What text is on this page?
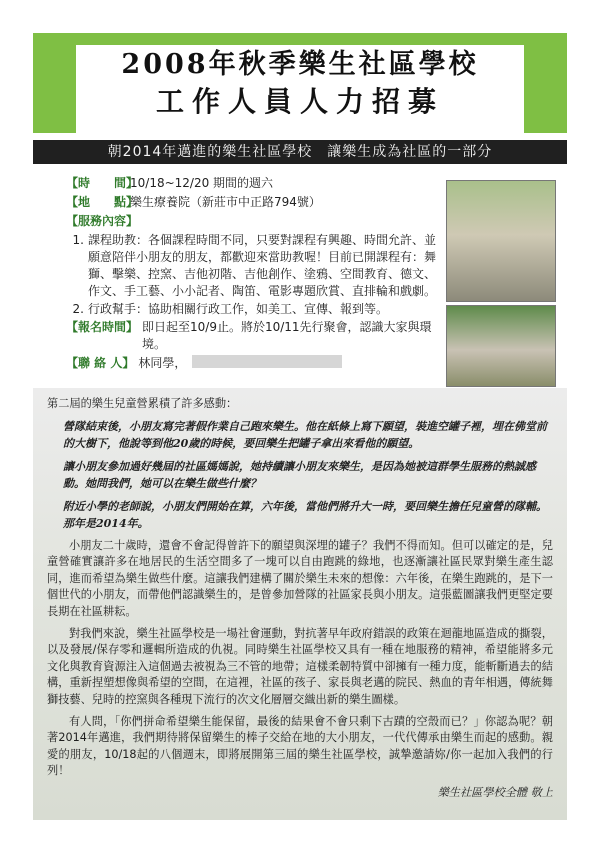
2008年秋季樂生社區學校
工作人員人力招募
朝2014年邁進的樂生社區學校　讓樂生成為社區的一部分
【時　　間】
10/18~12/20 期間的週六
【地　　點】
樂生療養院（新莊市中正路794號）
【服務內容】
1. 課程助教：各個課程時間不同，只要對課程有興趣、時間允許、並願意陪伴小朋友的朋友，都歡迎來當助教喔！目前已開課程有：舞獅、擊樂、控窯、吉他初階、吉他創作、塗鴉、空間教育、德文、作文、手工藝、小小記者、陶笛、電影專題欣賞、直排輪和戲劇。
2. 行政幫手：協助相關行政工作，如美工、宣傳、報到等。
【報名時間】 即日起至10/9止。將於10/11先行聚會，認識大家與環境。
【聯 絡 人】 林同學，

第二屆的樂生兒童營累積了許多感動：

營隊結束後，小朋友寫完著假作業自己跑來樂生。他在紙條上寫下願望，裝進空罐子裡，埋在佛堂前的大樹下，他說等到他20歲的時候，要回樂生把罐子拿出來看他的願望。

讓小朋友參加過好幾屆的社區媽媽說，她持續讓小朋友來樂生，是因為她被這群學生服務的熱誠感動。她問我們，她可以在樂生做些什麼？

附近小學的老師說，小朋友們開始在算，六年後，當他們將升大一時，要回樂生擔任兒童營的隊輔。那年是2014年。

小朋友二十歲時，還會不會記得曾許下的願望與深埋的罐子？我們不得而知。但可以確定的是，兒童營確實讓許多在地居民的生活空間多了一塊可以自由跑跳的綠地，也逐漸讓社區民眾對樂生產生認同，進而希望為樂生做些什麼。這讓我們建構了關於樂生未來的想像：六年後，在樂生跑跳的，是下一個世代的小朋友，而帶他們認識樂生的，是曾參加營隊的社區家長與小朋友。這張藍圖讓我們更堅定要長期在社區耕耘。

對我們來說，樂生社區學校是一場社會運動，對抗著早年政府錯誤的政策在迴龍地區造成的撕裂，以及發展/保存零和邏輯所造成的仇視。同時樂生社區學校又具有一種在地服務的精神，希望能將多元文化與教育資源注入這個過去被視為三不管的地帶；這樣柔韌特質中卻擁有一種力度，能斬斷過去的結構，重新捏塑想像與希望的空間，在這裡，社區的孩子、家長與老邁的院民、熱血的青年相遇，傳統舞獅技藝、兒時的控窯與各種現下流行的次文化層層交織出新的樂生圖樣。

有人問，「你們拼命希望樂生能保留，最後的結果會不會只剩下古蹟的空殼而已？」你認為呢？朝著2014年邁進，我們期待將保留樂生的棒子交給在地的大小朋友，一代代傳承由樂生而起的感動。親愛的朋友，10/18起的八個週末，即將展開第三屆的樂生社區學校，誠摯邀請妳/你一起加入我們的行列！

樂生社區學校全體 敬上
